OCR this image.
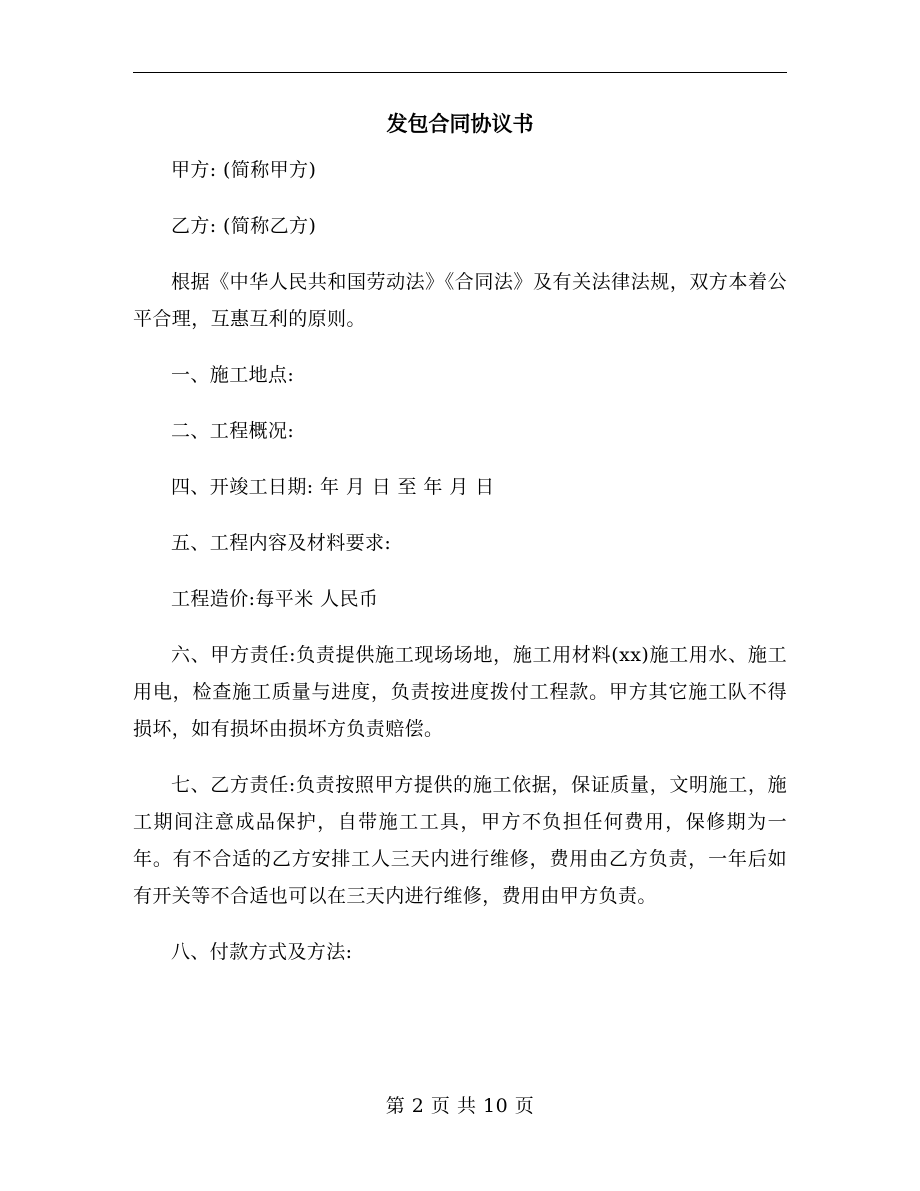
发包合同协议书

甲方: (简称甲方)

乙方: (简称乙方)

根据《中华人民共和国劳动法》《合同法》及有关法律法规，双方本着公平合理，互惠互利的原则。

一、施工地点:

二、工程概况:

四、开竣工日期: 年 月 日 至 年 月 日

五、工程内容及材料要求:

工程造价:每平米 人民币

六、甲方责任:负责提供施工现场场地，施工用材料(xx)施工用水、施工用电，检查施工质量与进度，负责按进度拨付工程款。甲方其它施工队不得损坏，如有损坏由损坏方负责赔偿。

七、乙方责任:负责按照甲方提供的施工依据，保证质量，文明施工，施工期间注意成品保护，自带施工工具，甲方不负担任何费用，保修期为一年。有不合适的乙方安排工人三天内进行维修，费用由乙方负责，一年后如有开关等不合适也可以在三天内进行维修，费用由甲方负责。

八、付款方式及方法:

第 2 页 共 10 页
